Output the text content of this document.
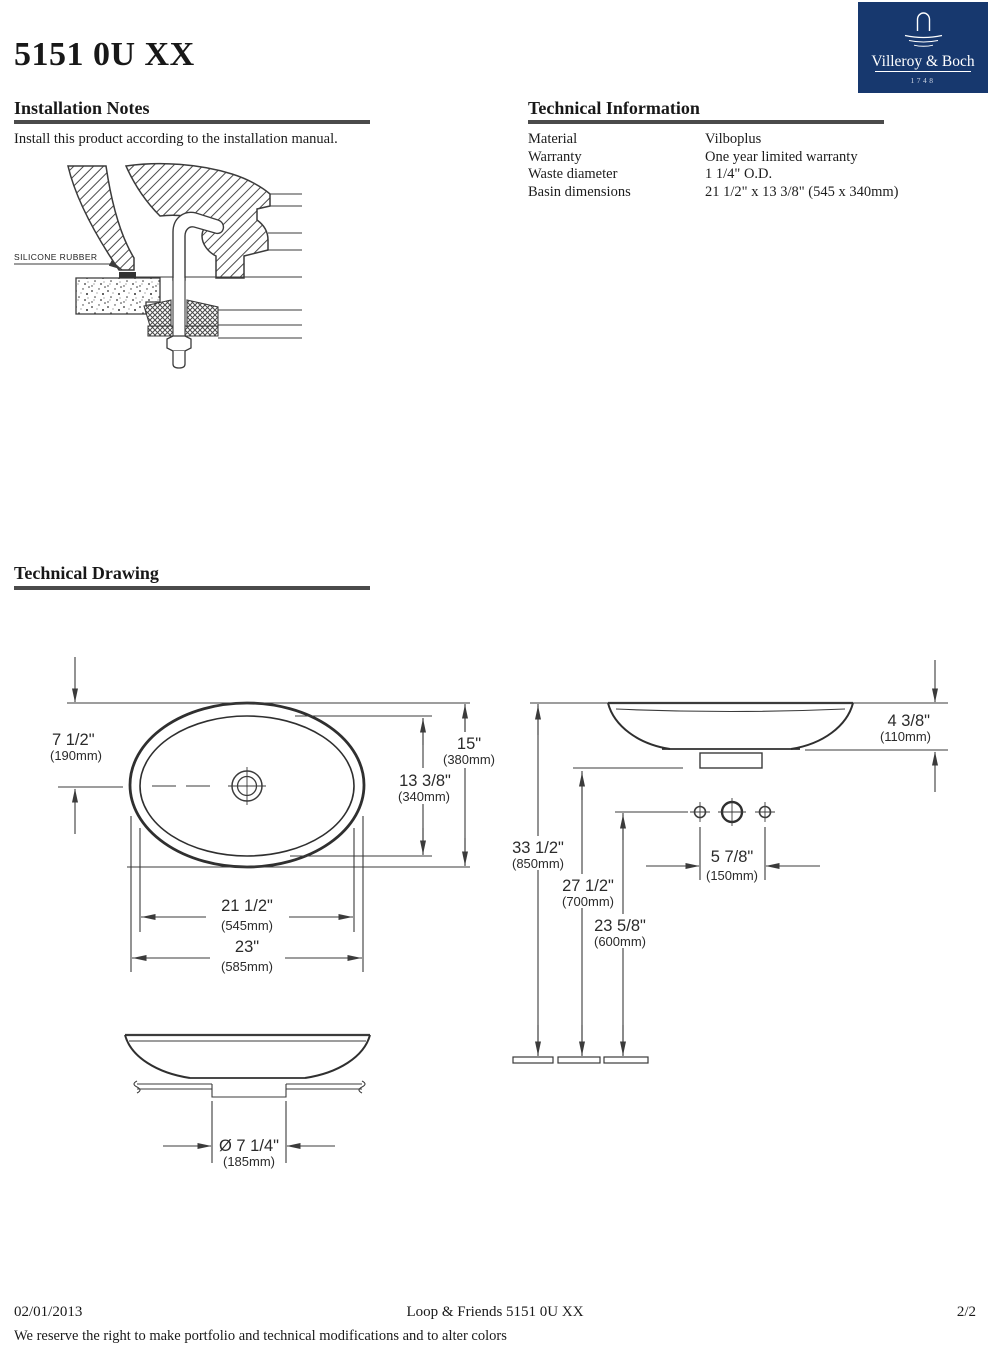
5151 0U XX	Villeroy & Boch
1748
Installation Notes
Install this product according to the installation manual.
Technical Information
Material	Vilboplus
Warranty	One year limited warranty
Waste diameter	1 1/4" O.D.
Basin dimensions	21 1/2" x 13 3/8" (545 x 340mm)
SILICONE RUBBER
Technical Drawing
7 1/2"
(190mm)
15"
(380mm)
13 3/8"
(340mm)
21 1/2"
(545mm)
23"
(585mm)
4 3/8"
(110mm)
33 1/2"
(850mm)
27 1/2"
(700mm)
23 5/8"
(600mm)
5 7/8"
(150mm)
Ø 7 1/4"
(185mm)
02/01/2013	Loop & Friends 5151 0U XX	2/2
We reserve the right to make portfolio and technical modifications and to alter colors
